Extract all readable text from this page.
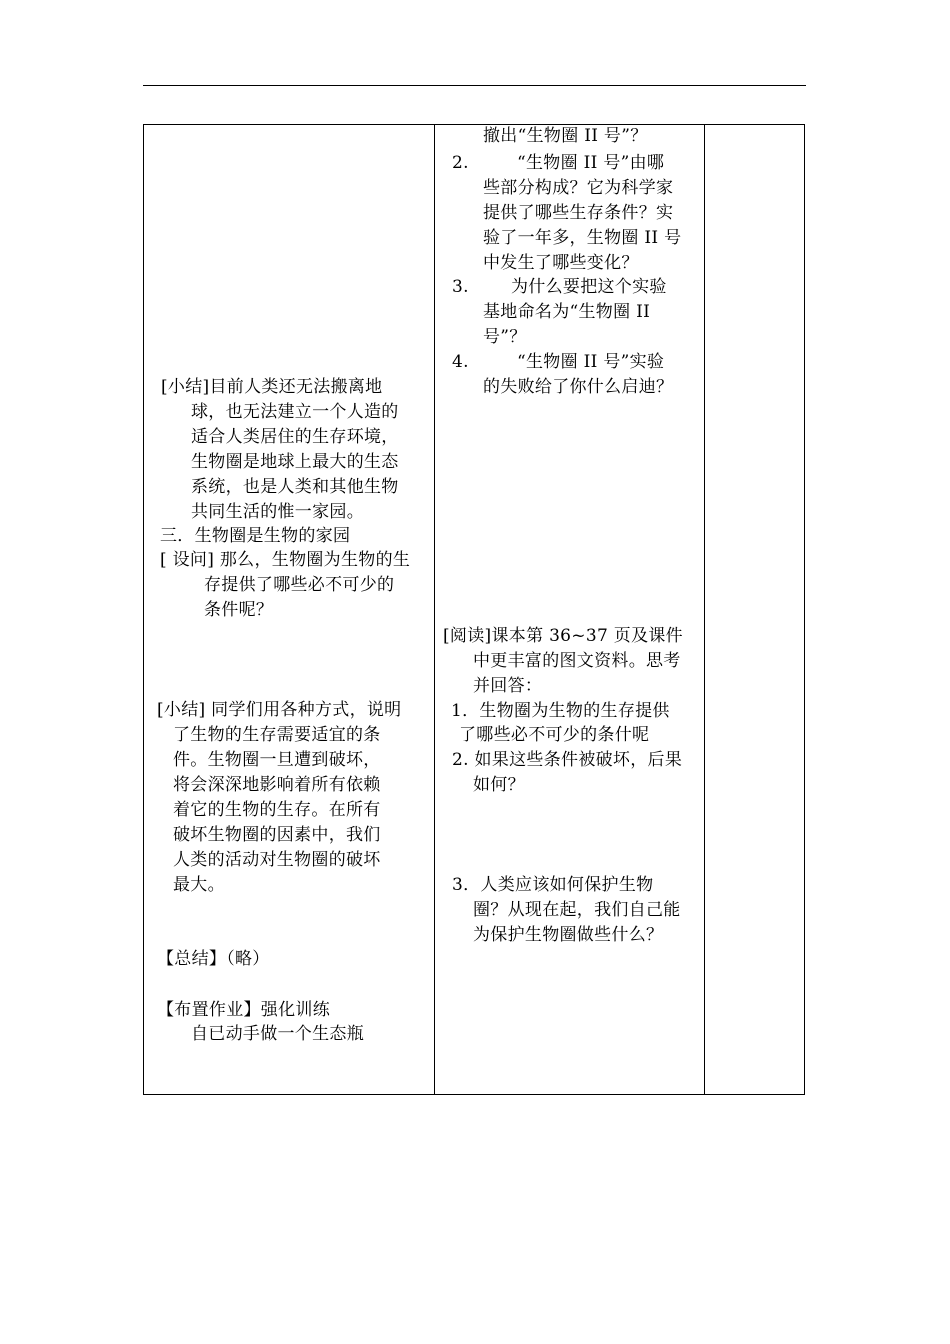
[小结]目前人类还无法搬离地
球，也无法建立一个人造的
适合人类居住的生存环境，
生物圈是地球上最大的生态
系统，也是人类和其他生物
共同生活的惟一家园。
三．生物圈是生物的家园
[ 设问] 那么，生物圈为生物的生
存提供了哪些必不可少的
条件呢？
[小结] 同学们用各种方式，说明
了生物的生存需要适宜的条
件。生物圈一旦遭到破坏，
将会深深地影响着所有依赖
着它的生物的生存。在所有
破坏生物圈的因素中，我们
人类的活动对生物圈的破坏
最大。
【总结】（略）
【布置作业】强化训练
自已动手做一个生态瓶
撤出“生物圈 II 号”？
2.	“生物圈 II 号”由哪
些部分构成？它为科学家
提供了哪些生存条件？实
验了一年多，生物圈 II 号
中发生了哪些变化？
3. 为什么要把这个实验
基地命名为“生物圈 II
号”？
4.	“生物圈 II 号”实验
的失败给了你什么启迪？
[阅读]课本第 36~37 页及课件
中更丰富的图文资料。思考
并回答：
1．生物圈为生物的生存提供
了哪些必不可少的条什呢
2. 如果这些条件被破坏，后果
如何？
3．人类应该如何保护生物
圈？从现在起，我们自己能
为保护生物圈做些什么？
